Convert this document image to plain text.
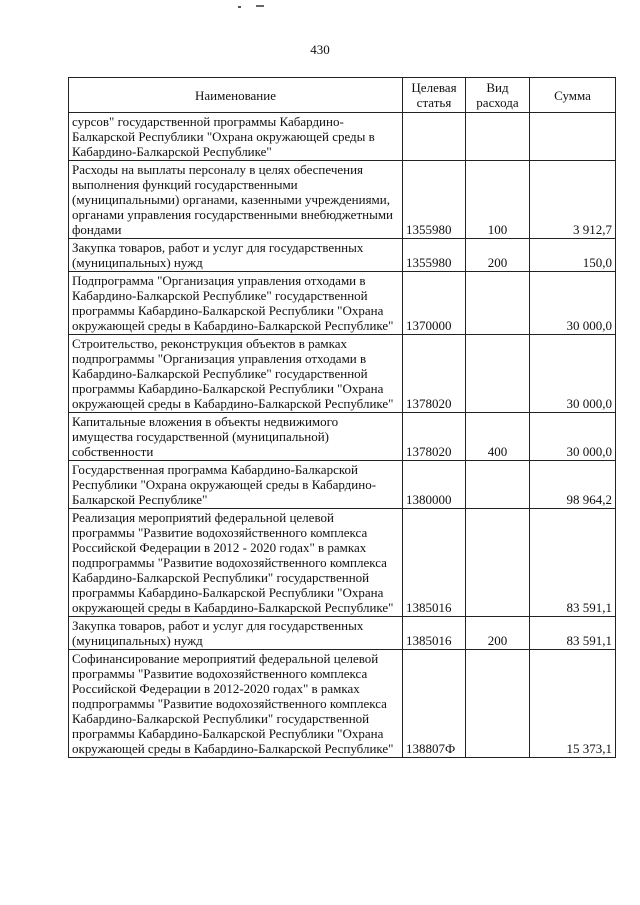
430
Наименование	Целевая статья	Вид расхода	Сумма
сурсов" государственной программы Кабардино-Балкарской Республики "Охрана окружающей среды в Кабардино-Балкарской Республике"			
Расходы на выплаты персоналу в целях обеспечения выполнения функций государственными (муниципальными) органами, казенными учреждениями, органами управления государственными внебюджетными фондами	1355980	100	3 912,7
Закупка товаров, работ и услуг для государственных (муниципальных) нужд	1355980	200	150,0
Подпрограмма "Организация управления отходами в Кабардино-Балкарской Республике" государственной программы Кабардино-Балкарской Республики "Охрана окружающей среды в Кабардино-Балкарской Республике"	1370000		30 000,0
Строительство, реконструкция объектов в рамках подпрограммы "Организация управления отходами в Кабардино-Балкарской Республике" государственной программы Кабардино-Балкарской Республики "Охрана окружающей среды в Кабардино-Балкарской Республике"	1378020		30 000,0
Капитальные вложения в объекты недвижимого имущества государственной (муниципальной) собственности	1378020	400	30 000,0
Государственная программа Кабардино-Балкарской Республики "Охрана окружающей среды в Кабардино-Балкарской Республике"	1380000		98 964,2
Реализация мероприятий федеральной целевой программы "Развитие водохозяйственного комплекса Российской Федерации в 2012 - 2020 годах" в рамках подпрограммы "Развитие водохозяйственного комплекса Кабардино-Балкарской Республики" государственной программы Кабардино-Балкарской Республики "Охрана окружающей среды в Кабардино-Балкарской Республике"	1385016		83 591,1
Закупка товаров, работ и услуг для государственных (муниципальных) нужд	1385016	200	83 591,1
Софинансирование мероприятий федеральной целевой программы "Развитие водохозяйственного комплекса Российской Федерации в 2012-2020 годах" в рамках подпрограммы "Развитие водохозяйственного комплекса Кабардино-Балкарской Республики" государственной программы Кабардино-Балкарской Республики "Охрана окружающей среды в Кабардино-Балкарской Республике"	138807Ф		15 373,1
